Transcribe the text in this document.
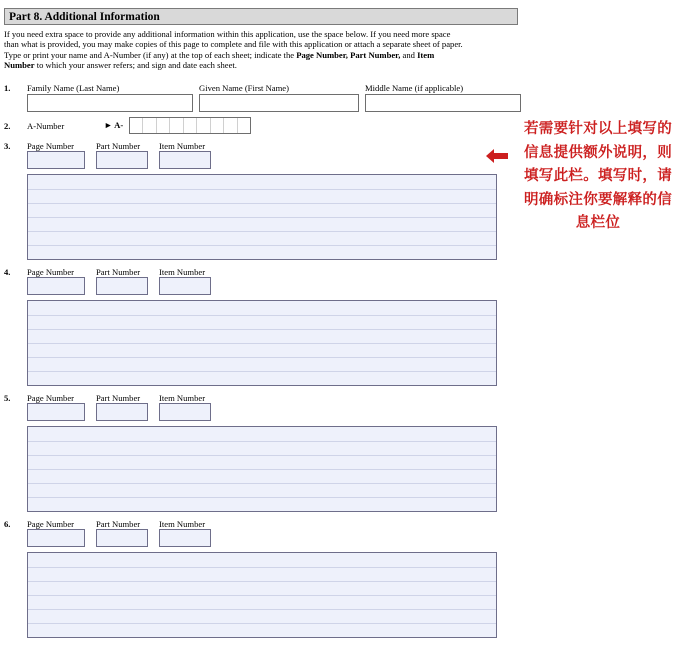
Part 8. Additional Information
If you need extra space to provide any additional information within this application, use the space below. If you need more space
than what is provided, you may make copies of this page to complete and file with this application or attach a separate sheet of paper.
Type or print your name and A-Number (if any) at the top of each sheet; indicate the Page Number, Part Number, and Item
Number to which your answer refers; and sign and date each sheet.
1. Family Name (Last Name)	Given Name (First Name)	Middle Name (if applicable)
2. A-Number	► A-
3. Page Number	Part Number Item Number
4. Page Number	Part Number Item Number
5. Page Number	Part Number Item Number
6. Page Number	Part Number Item Number
若需要针对以上填写的
信息提供额外说明，则
填写此栏。填写时，请
明确标注你要解释的信
息栏位
